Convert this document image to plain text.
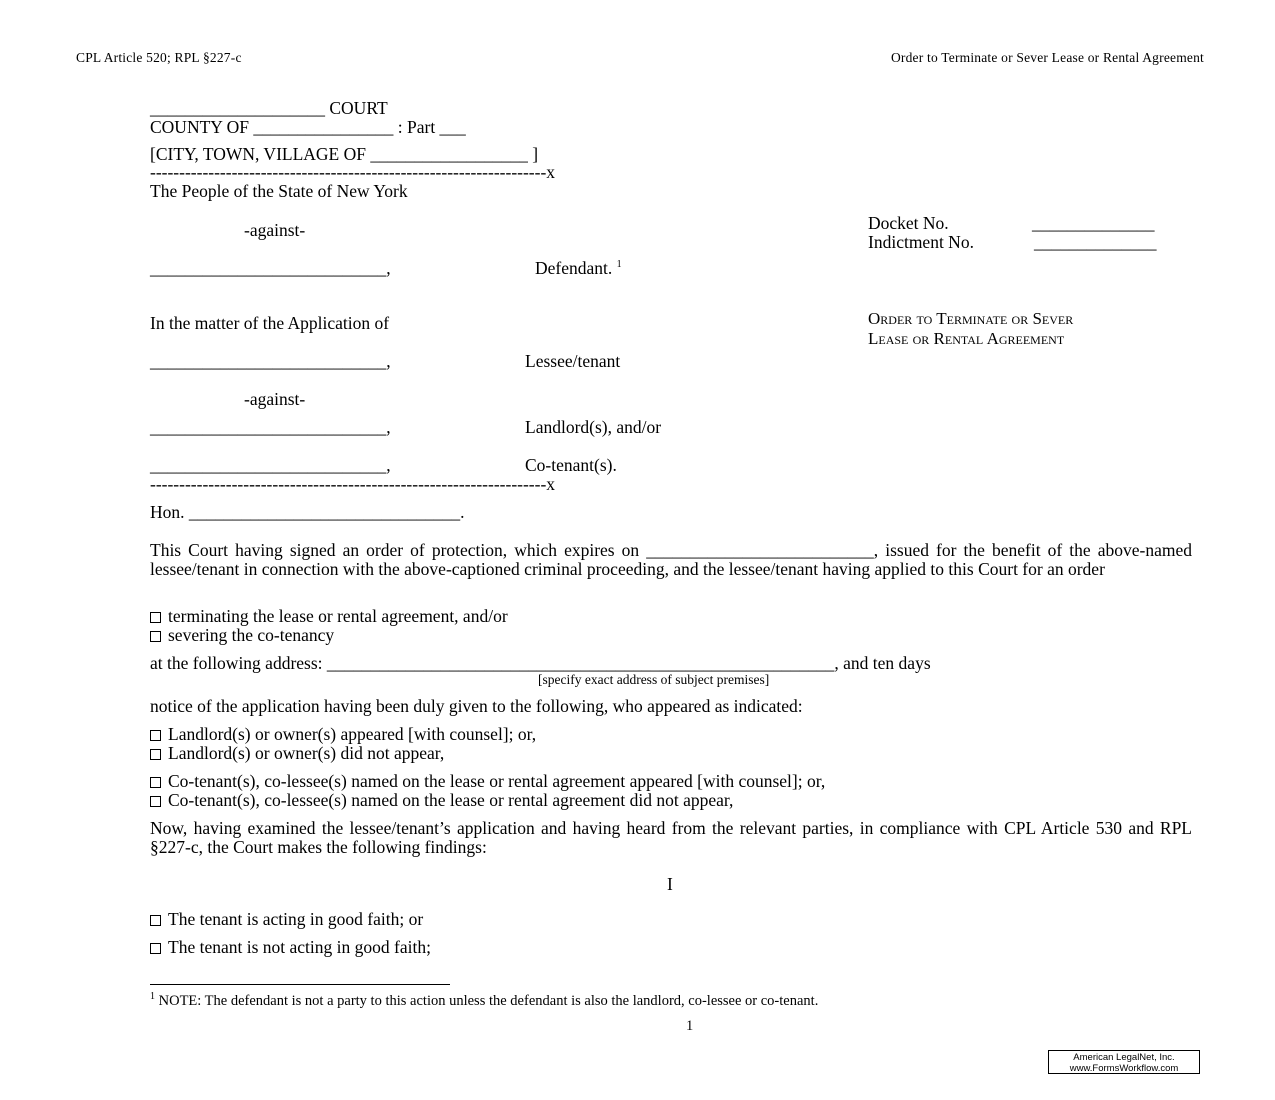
CPL Article 520; RPL §227-c	Order to Terminate or Sever Lease or Rental Agreement
____________________ COURT
COUNTY OF ________________ : Part ___
[CITY, TOWN, VILLAGE OF __________________ ]
--------------------------------------------------------------------x
The People of the State of New York
-against-	Docket No.	______________
Indictment No.	______________
___________________________,	Defendant. $^1$
In the matter of the Application of	Order to Terminate or Sever
Lease or Rental Agreement
___________________________,	Lessee/tenant
-against-
___________________________,	Landlord(s), and/or
___________________________,	Co-tenant(s).
--------------------------------------------------------------------x
Hon. _______________________________.
This Court having signed an order of protection, which expires on __________________________, issued for the benefit of the above-named lessee/tenant in connection with the above-captioned criminal proceeding, and the lessee/tenant having applied to this Court for an order
terminating the lease or rental agreement, and/or
severing the co-tenancy
at the following address: __________________________________________________________, and ten days
[specify exact address of subject premises]
notice of the application having been duly given to the following, who appeared as indicated:
Landlord(s) or owner(s) appeared [with counsel]; or,
Landlord(s) or owner(s) did not appear,
Co-tenant(s), co-lessee(s) named on the lease or rental agreement appeared [with counsel]; or,
Co-tenant(s), co-lessee(s) named on the lease or rental agreement did not appear,
Now, having examined the lessee/tenant’s application and having heard from the relevant parties, in compliance with CPL Article 530 and RPL §227-c, the Court makes the following findings:
I
The tenant is acting in good faith; or
The tenant is not acting in good faith;
$^1$ NOTE: The defendant is not a party to this action unless the defendant is also the landlord, co-lessee or co-tenant.
1
American LegalNet, Inc.
www.FormsWorkflow.com
